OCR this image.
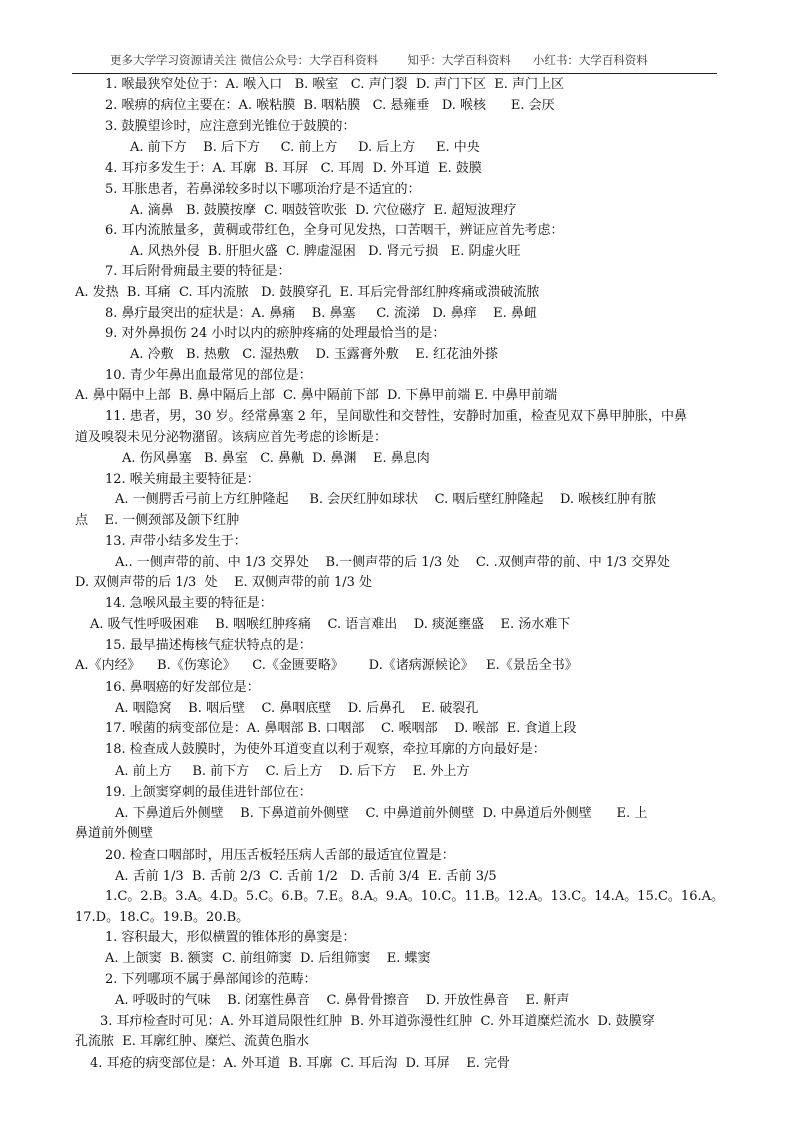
更多大学学习资源请关注 微信公众号：大学百科资料        知乎：大学百科资料      小红书：大学百科资料
1. 喉最狭窄处位于：A. 喉入口   B. 喉室   C. 声门裂  D. 声门下区  E. 声门上区
2. 喉痹的病位主要在：A. 喉粘膜  B. 咽粘膜   C. 悬雍垂   D. 喉核      E. 会厌
3. 鼓膜望诊时，应注意到光锥位于鼓膜的：
A. 前下方    B. 后下方     C. 前上方     D. 后上方     E. 中央
4. 耳疖多发生于：A. 耳廓  B. 耳屏   C. 耳周  D. 外耳道  E. 鼓膜
5. 耳胀患者，若鼻涕较多时以下哪项治疗是不适宜的：
A. 滴鼻   B. 鼓膜按摩  C. 咽鼓管吹张  D. 穴位磁疗  E. 超短波理疗
6. 耳内流脓量多，黄稠或带红色，全身可见发热，口苦咽干，辨证应首先考虑：
A. 风热外侵  B. 肝胆火盛  C. 脾虚湿困   D. 肾元亏损   E. 阴虚火旺
7. 耳后附骨痈最主要的特征是：
A. 发热  B. 耳痛  C. 耳内流脓   D. 鼓膜穿孔  E. 耳后完骨部红肿疼痛或溃破流脓
8. 鼻疔最突出的症状是：A. 鼻痛    B. 鼻塞     C. 流涕   D. 鼻痒    E. 鼻衄
9. 对外鼻损伤 24 小时以内的瘀肿疼痛的处理最恰当的是：
A. 冷敷   B. 热敷   C. 湿热敷    D. 玉露膏外敷    E. 红花油外搽
10. 青少年鼻出血最常见的部位是：
A. 鼻中隔中上部  B. 鼻中隔后上部  C. 鼻中隔前下部  D. 下鼻甲前端 E. 中鼻甲前端
11. 患者，男，30 岁。经常鼻塞 2 年，呈间歇性和交替性，安静时加重，检查见双下鼻甲肿胀，中鼻
道及嗅裂未见分泌物潴留。该病应首先考虑的诊断是：
A. 伤风鼻塞   B. 鼻室   C. 鼻鼽  D. 鼻渊    E. 鼻息肉
12. 喉关痈最主要特征是：
A. 一侧腭舌弓前上方红肿隆起     B. 会厌红肿如球状    C. 咽后壁红肿隆起    D. 喉核红肿有脓
点    E. 一侧颈部及颌下红肿
13. 声带小结多发生于：
A.. 一侧声带的前、中 1/3 交界处    B.一侧声带的后 1/3 处    C. .双侧声带的前、中 1/3 交界处
D. 双侧声带的后 1/3  处    E. 双侧声带的前 1/3 处
14. 急喉风最主要的特征是：
A. 吸气性呼吸困难    B. 咽喉红肿疼痛    C. 语言难出    D. 痰涎壅盛    E. 汤水难下
15. 最早描述梅核气症状特点的是：
A.《内经》    B.《伤寒论》    C.《金匮要略》      D.《诸病源候论》   E.《景岳全书》
16. 鼻咽癌的好发部位是：
A. 咽隐窝    B. 咽后壁    C. 鼻咽底壁    D. 后鼻孔    E. 破裂孔
17. 喉菌的病变部位是：A. 鼻咽部 B. 口咽部    C. 喉咽部    D. 喉部  E. 食道上段
18. 检查成人鼓膜时，为使外耳道变直以利于观察，牵拉耳廓的方向最好是：
A. 前上方     B. 前下方    C. 后上方    D. 后下方    E. 外上方
19. 上颌窦穿刺的最佳进针部位在：
A. 下鼻道后外侧壁    B. 下鼻道前外侧壁    C. 中鼻道前外侧壁  D. 中鼻道后外侧壁      E. 上
鼻道前外侧壁
20. 检查口咽部时，用压舌板轻压病人舌部的最适宜位置是：
A. 舌前 1/3  B. 舌前 2/3  C. 舌前 1/2   D. 舌前 3/4  E. 舌前 3/5
1.C。2.B。3.A。4.D。5.C。6.B。7.E。8.A。9.A。10.C。11.B。12.A。13.C。14.A。15.C。16.A。
17.D。18.C。19.B。20.B。
1. 容积最大，形似横置的锥体形的鼻窦是：
A. 上颌窦  B. 额窦  C. 前组筛窦  D. 后组筛窦    E. 蝶窦
2. 下列哪项不属于鼻部闻诊的范畴：
A. 呼吸时的气味    B. 闭塞性鼻音    C. 鼻骨骨擦音    D. 开放性鼻音    E. 鼾声
3. 耳疖检查时可见：A. 外耳道局限性红肿  B. 外耳道弥漫性红肿  C. 外耳道糜烂流水  D. 鼓膜穿
孔流脓  E. 耳廓红肿、糜烂、流黄色脂水
4. 耳疮的病变部位是：A. 外耳道  B. 耳廓  C. 耳后沟  D. 耳屏    E. 完骨
